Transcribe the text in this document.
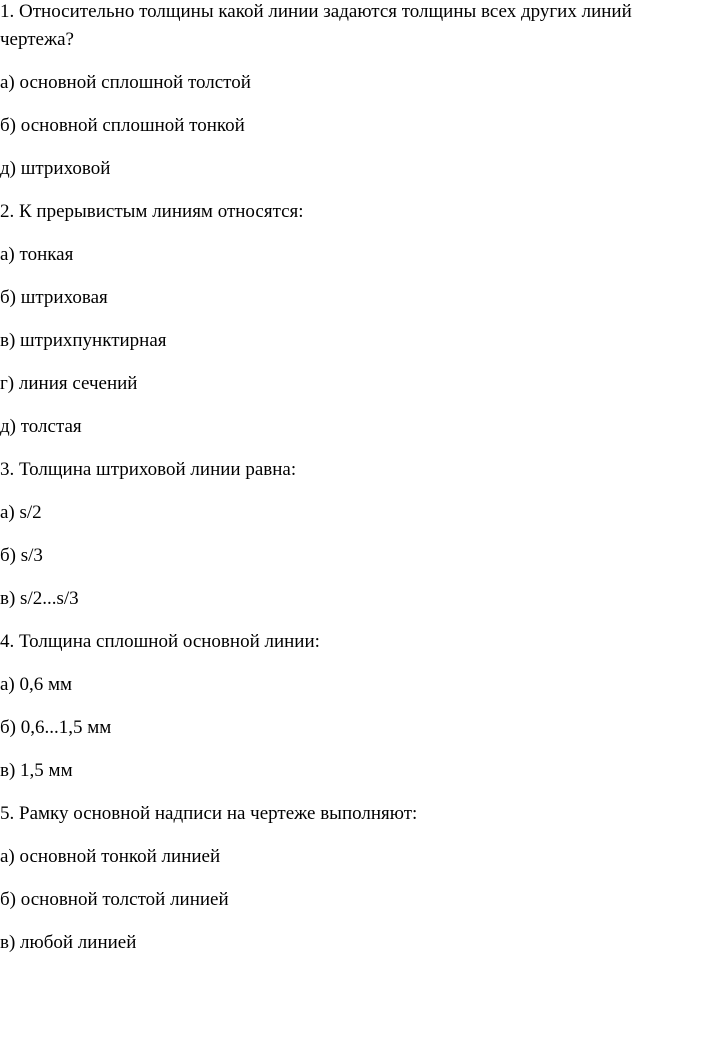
1. Относительно толщины какой линии задаются толщины всех других линий
чертежа?
а) основной сплошной толстой
б) основной сплошной тонкой
д) штриховой
2. К прерывистым линиям относятся:
а) тонкая
б) штриховая
в) штрихпунктирная
г) линия сечений
д) толстая
3. Толщина штриховой линии равна:
а) s/2
б) s/3
в) s/2...s/3
4. Толщина сплошной основной линии:
а) 0,6 мм
б) 0,6...1,5 мм
в) 1,5 мм
5. Рамку основной надписи на чертеже выполняют:
а) основной тонкой линией
б) основной толстой линией
в) любой линией
